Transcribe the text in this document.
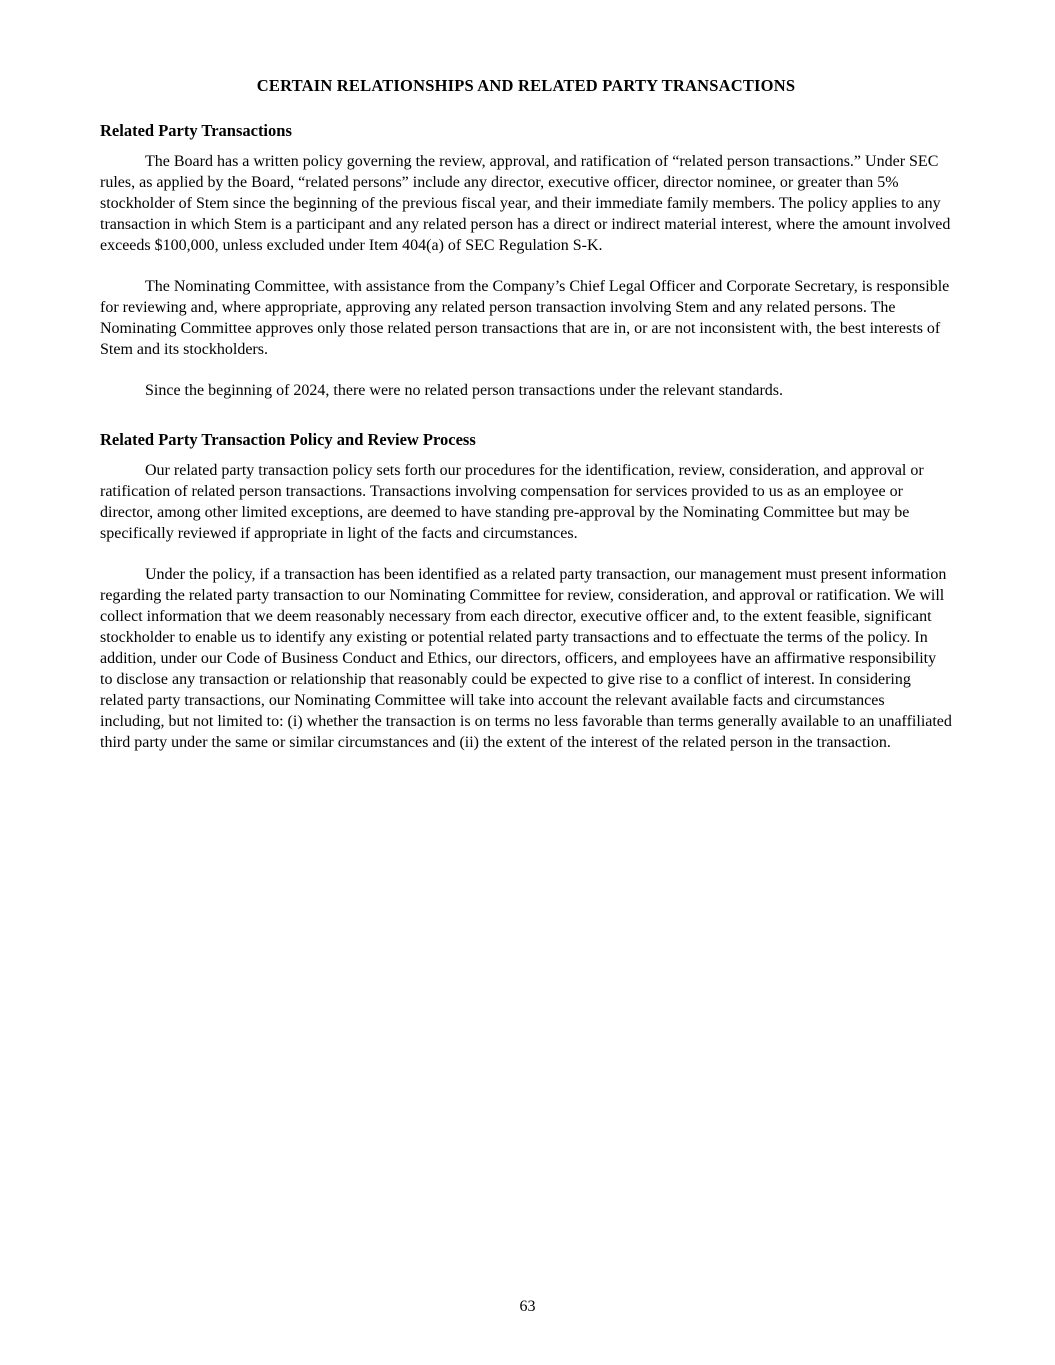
CERTAIN RELATIONSHIPS AND RELATED PARTY TRANSACTIONS
Related Party Transactions

The Board has a written policy governing the review, approval, and ratification of “related person transactions.” Under SEC rules, as applied by the Board, “related persons” include any director, executive officer, director nominee, or greater than 5% stockholder of Stem since the beginning of the previous fiscal year, and their immediate family members. The policy applies to any transaction in which Stem is a participant and any related person has a direct or indirect material interest, where the amount involved exceeds $100,000, unless excluded under Item 404(a) of SEC Regulation S-K.

The Nominating Committee, with assistance from the Company’s Chief Legal Officer and Corporate Secretary, is responsible for reviewing and, where appropriate, approving any related person transaction involving Stem and any related persons. The Nominating Committee approves only those related person transactions that are in, or are not inconsistent with, the best interests of Stem and its stockholders.

Since the beginning of 2024, there were no related person transactions under the relevant standards.

Related Party Transaction Policy and Review Process

Our related party transaction policy sets forth our procedures for the identification, review, consideration, and approval or ratification of related person transactions. Transactions involving compensation for services provided to us as an employee or director, among other limited exceptions, are deemed to have standing pre-approval by the Nominating Committee but may be specifically reviewed if appropriate in light of the facts and circumstances.

Under the policy, if a transaction has been identified as a related party transaction, our management must present information regarding the related party transaction to our Nominating Committee for review, consideration, and approval or ratification. We will collect information that we deem reasonably necessary from each director, executive officer and, to the extent feasible, significant stockholder to enable us to identify any existing or potential related party transactions and to effectuate the terms of the policy. In addition, under our Code of Business Conduct and Ethics, our directors, officers, and employees have an affirmative responsibility to disclose any transaction or relationship that reasonably could be expected to give rise to a conflict of interest. In considering related party transactions, our Nominating Committee will take into account the relevant available facts and circumstances including, but not limited to: (i) whether the transaction is on terms no less favorable than terms generally available to an unaffiliated third party under the same or similar circumstances and (ii) the extent of the interest of the related person in the transaction.

63
